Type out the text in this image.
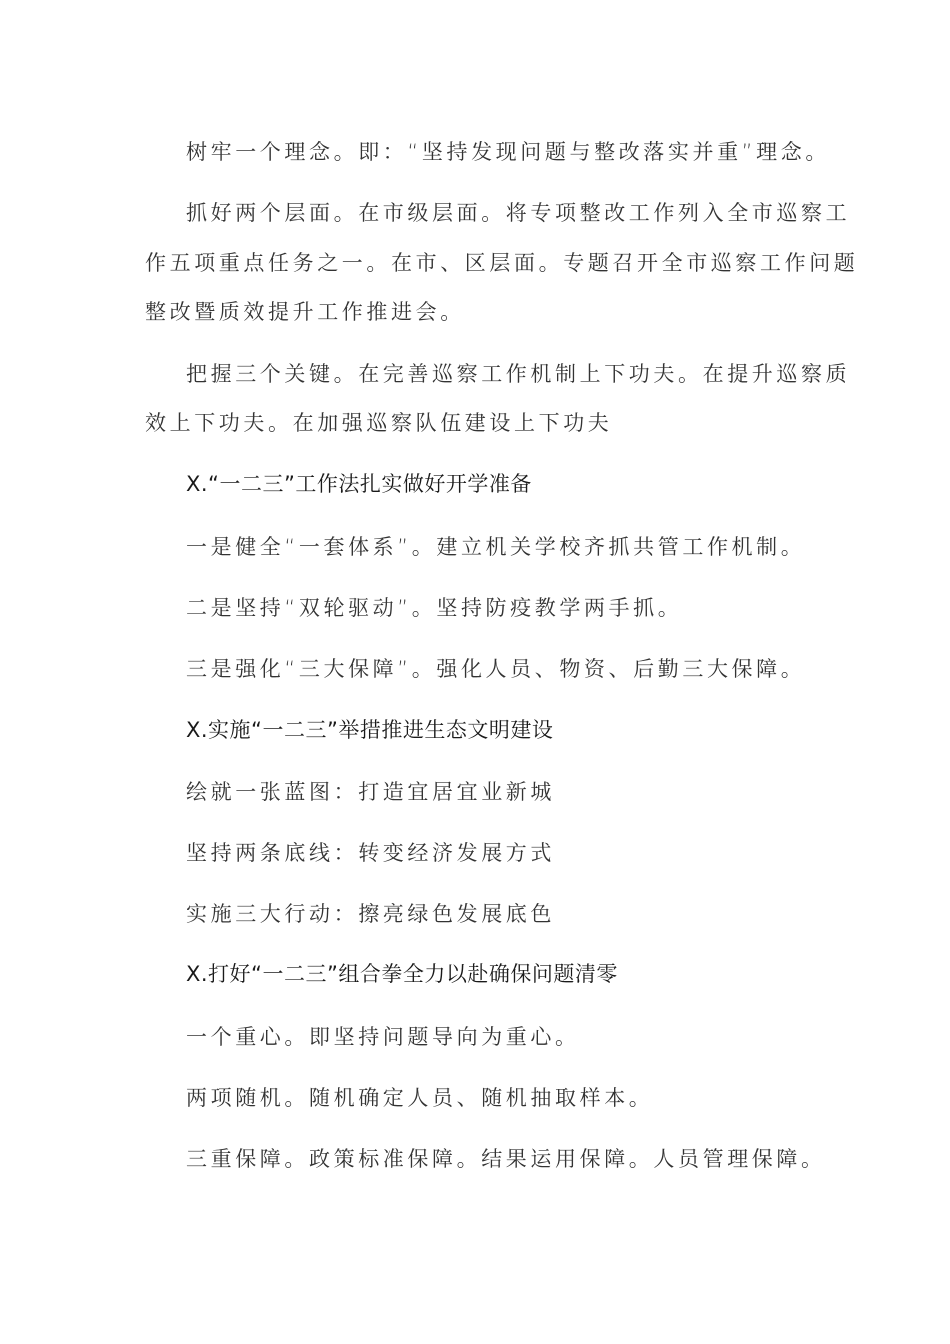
树牢一个理念。即：“坚持发现问题与整改落实并重”理念。
抓好两个层面。在市级层面。将专项整改工作列入全市巡察工
作五项重点任务之一。在市、区层面。专题召开全市巡察工作问题
整改暨质效提升工作推进会。
把握三个关键。在完善巡察工作机制上下功夫。在提升巡察质
效上下功夫。在加强巡察队伍建设上下功夫
X.“一二三”工作法扎实做好开学准备
一是健全“一套体系”。建立机关学校齐抓共管工作机制。
二是坚持“双轮驱动”。坚持防疫教学两手抓。
三是强化“三大保障”。强化人员、物资、后勤三大保障。
X.实施“一二三”举措推进生态文明建设
绘就一张蓝图：打造宜居宜业新城
坚持两条底线：转变经济发展方式
实施三大行动：擦亮绿色发展底色
X.打好“一二三”组合拳全力以赴确保问题清零
一个重心。即坚持问题导向为重心。
两项随机。随机确定人员、随机抽取样本。
三重保障。政策标准保障。结果运用保障。人员管理保障。
